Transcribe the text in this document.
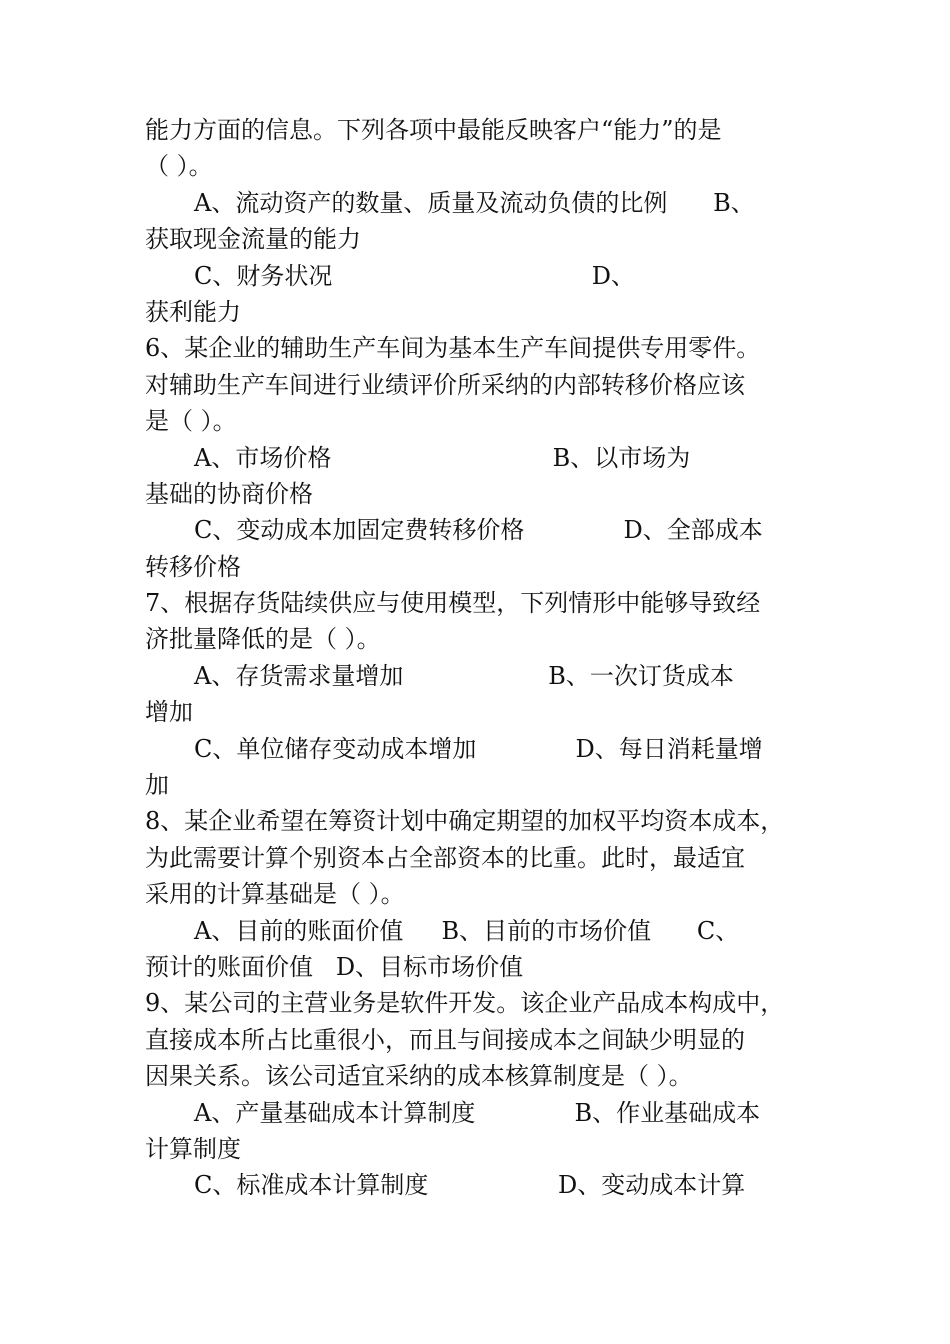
能力方面的信息。下列各项中最能反映客户“能力”的是
（ ）。
A、流动资产的数量、质量及流动负债的比例      B、
获取现金流量的能力
C、财务状况                                  D、
获利能力
6、某企业的辅助生产车间为基本生产车间提供专用零件。
对辅助生产车间进行业绩评价所采纳的内部转移价格应该
是（ ）。
A、市场价格                             B、以市场为
基础的协商价格
C、变动成本加固定费转移价格             D、全部成本
转移价格
7、根据存货陆续供应与使用模型，下列情形中能够导致经
济批量降低的是（ ）。
A、存货需求量增加                   B、一次订货成本
增加
C、单位储存变动成本增加             D、每日消耗量增
加
8、某企业希望在筹资计划中确定期望的加权平均资本成本，
为此需要计算个别资本占全部资本的比重。此时，最适宜
采用的计算基础是（ ）。
A、目前的账面价值     B、目前的市场价值      C、
预计的账面价值   D、目标市场价值
9、某公司的主营业务是软件开发。该企业产品成本构成中，
直接成本所占比重很小，而且与间接成本之间缺少明显的
因果关系。该公司适宜采纳的成本核算制度是（ ）。
A、产量基础成本计算制度             B、作业基础成本
计算制度
C、标准成本计算制度                 D、变动成本计算
